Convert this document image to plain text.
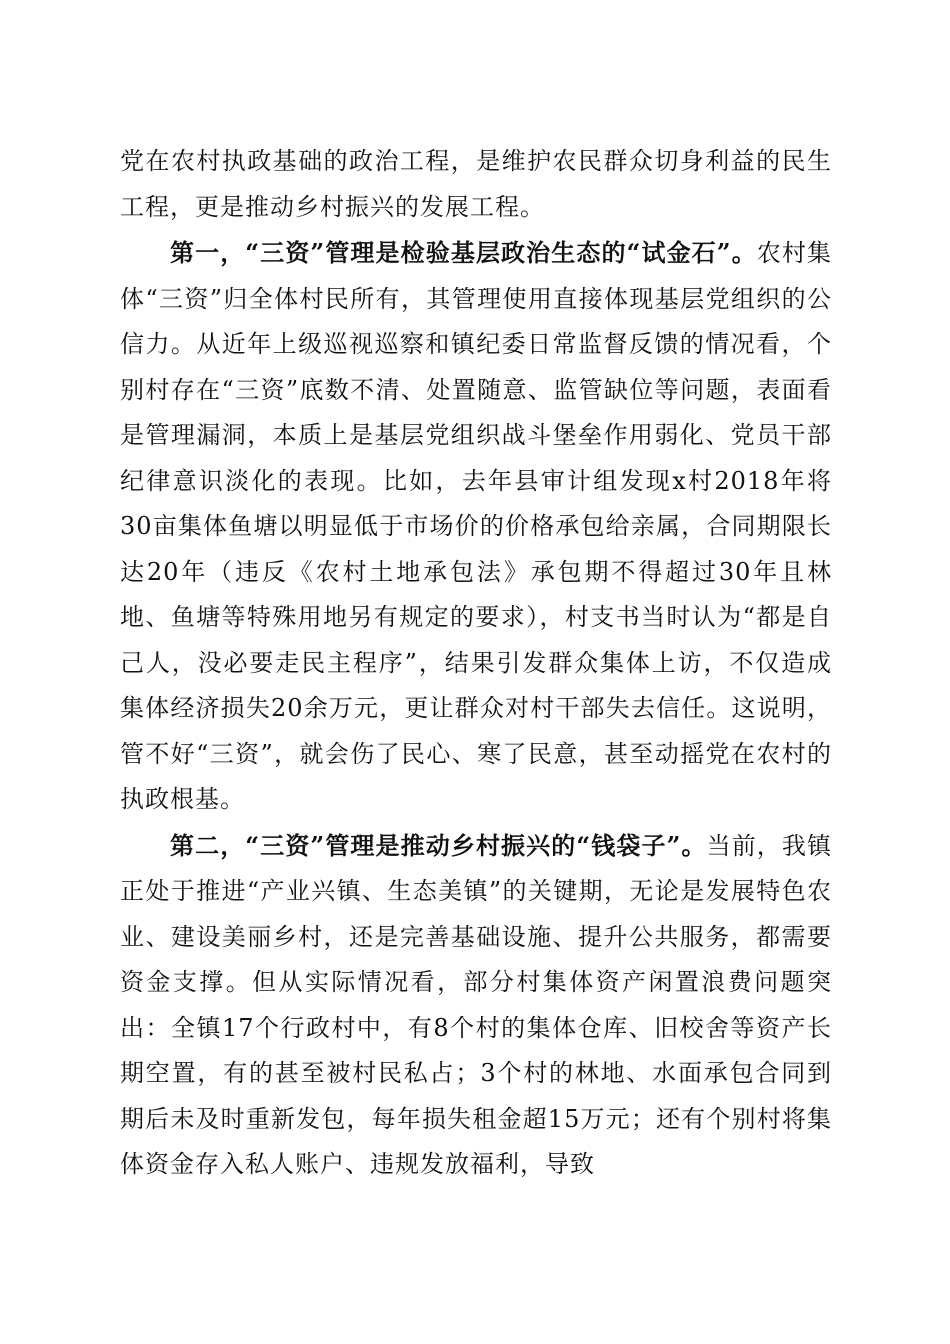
党在农村执政基础的政治工程，是维护农民群众切身利益的民生工程，更是推动乡村振兴的发展工程。

第一，“三资”管理是检验基层政治生态的“试金石”。农村集体“三资”归全体村民所有，其管理使用直接体现基层党组织的公信力。从近年上级巡视巡察和镇纪委日常监督反馈的情况看，个别村存在“三资”底数不清、处置随意、监管缺位等问题，表面看是管理漏洞，本质上是基层党组织战斗堡垒作用弱化、党员干部纪律意识淡化的表现。比如，去年县审计组发现x村2018年将30亩集体鱼塘以明显低于市场价的价格承包给亲属，合同期限长达20年（违反《农村土地承包法》承包期不得超过30年且林地、鱼塘等特殊用地另有规定的要求），村支书当时认为“都是自己人，没必要走民主程序”，结果引发群众集体上访，不仅造成集体经济损失20余万元，更让群众对村干部失去信任。这说明，管不好“三资”，就会伤了民心、寒了民意，甚至动摇党在农村的执政根基。

第二，“三资”管理是推动乡村振兴的“钱袋子”。当前，我镇正处于推进“产业兴镇、生态美镇”的关键期，无论是发展特色农业、建设美丽乡村，还是完善基础设施、提升公共服务，都需要资金支撑。但从实际情况看，部分村集体资产闲置浪费问题突出：全镇17个行政村中，有8个村的集体仓库、旧校舍等资产长期空置，有的甚至被村民私占；3个村的林地、水面承包合同到期后未及时重新发包，每年损失租金超15万元；还有个别村将集体资金存入私人账户、违规发放福利，导致
